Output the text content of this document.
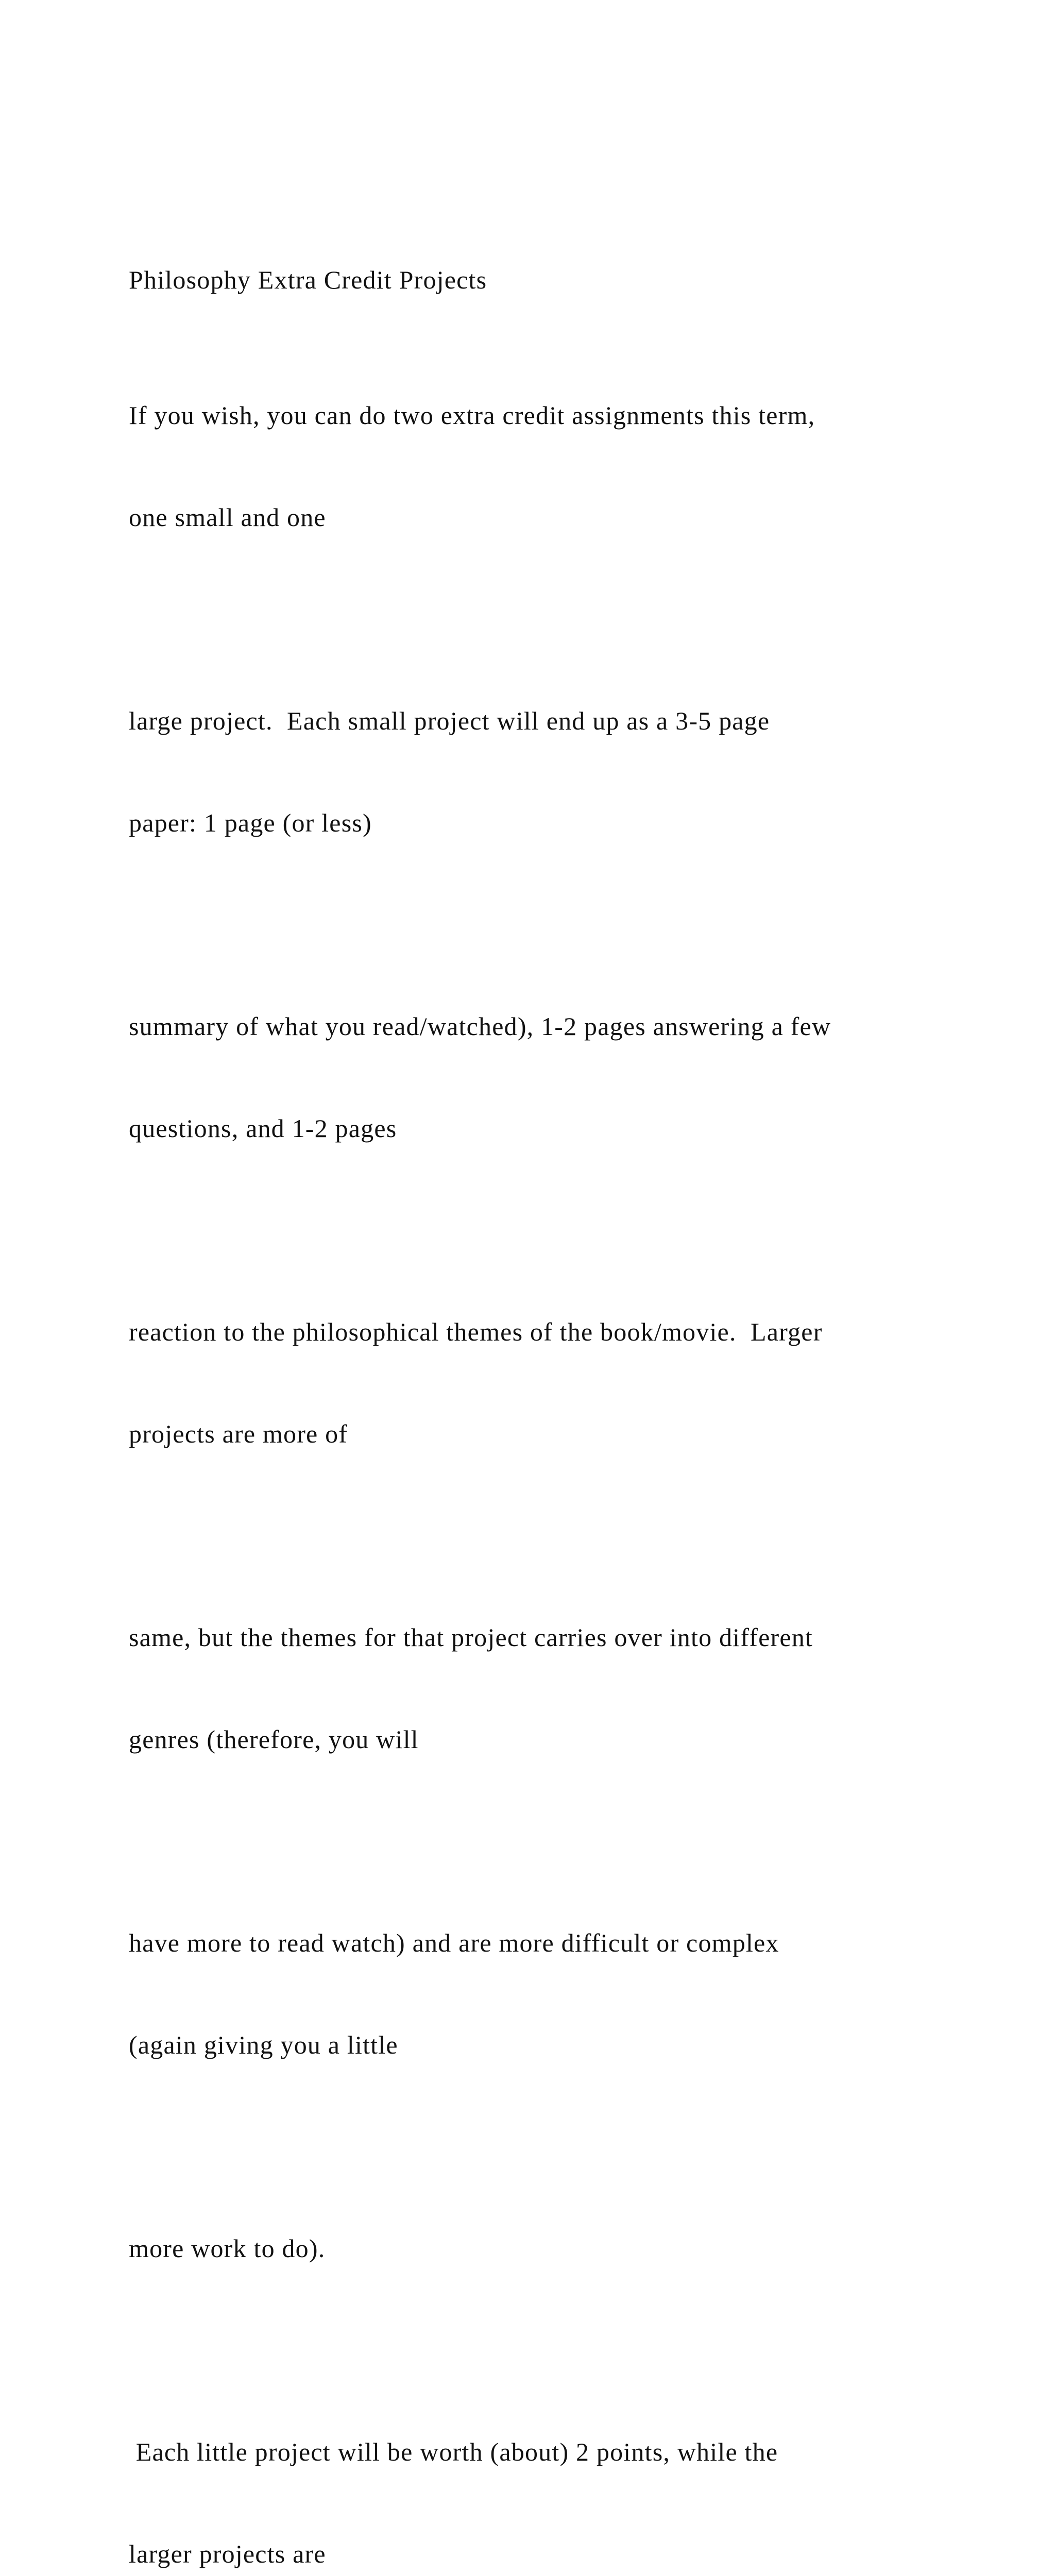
Philosophy Extra Credit Projects

If you wish, you can do two extra credit assignments this term,

one small and one

large project.  Each small project will end up as a 3-5 page

paper: 1 page (or less)

summary of what you read/watched), 1-2 pages answering a few

questions, and 1-2 pages

reaction to the philosophical themes of the book/movie.  Larger

projects are more of

same, but the themes for that project carries over into different

genres (therefore, you will

have more to read watch) and are more difficult or complex

(again giving you a little

more work to do).

Each little project will be worth (about) 2 points, while the

larger projects are
